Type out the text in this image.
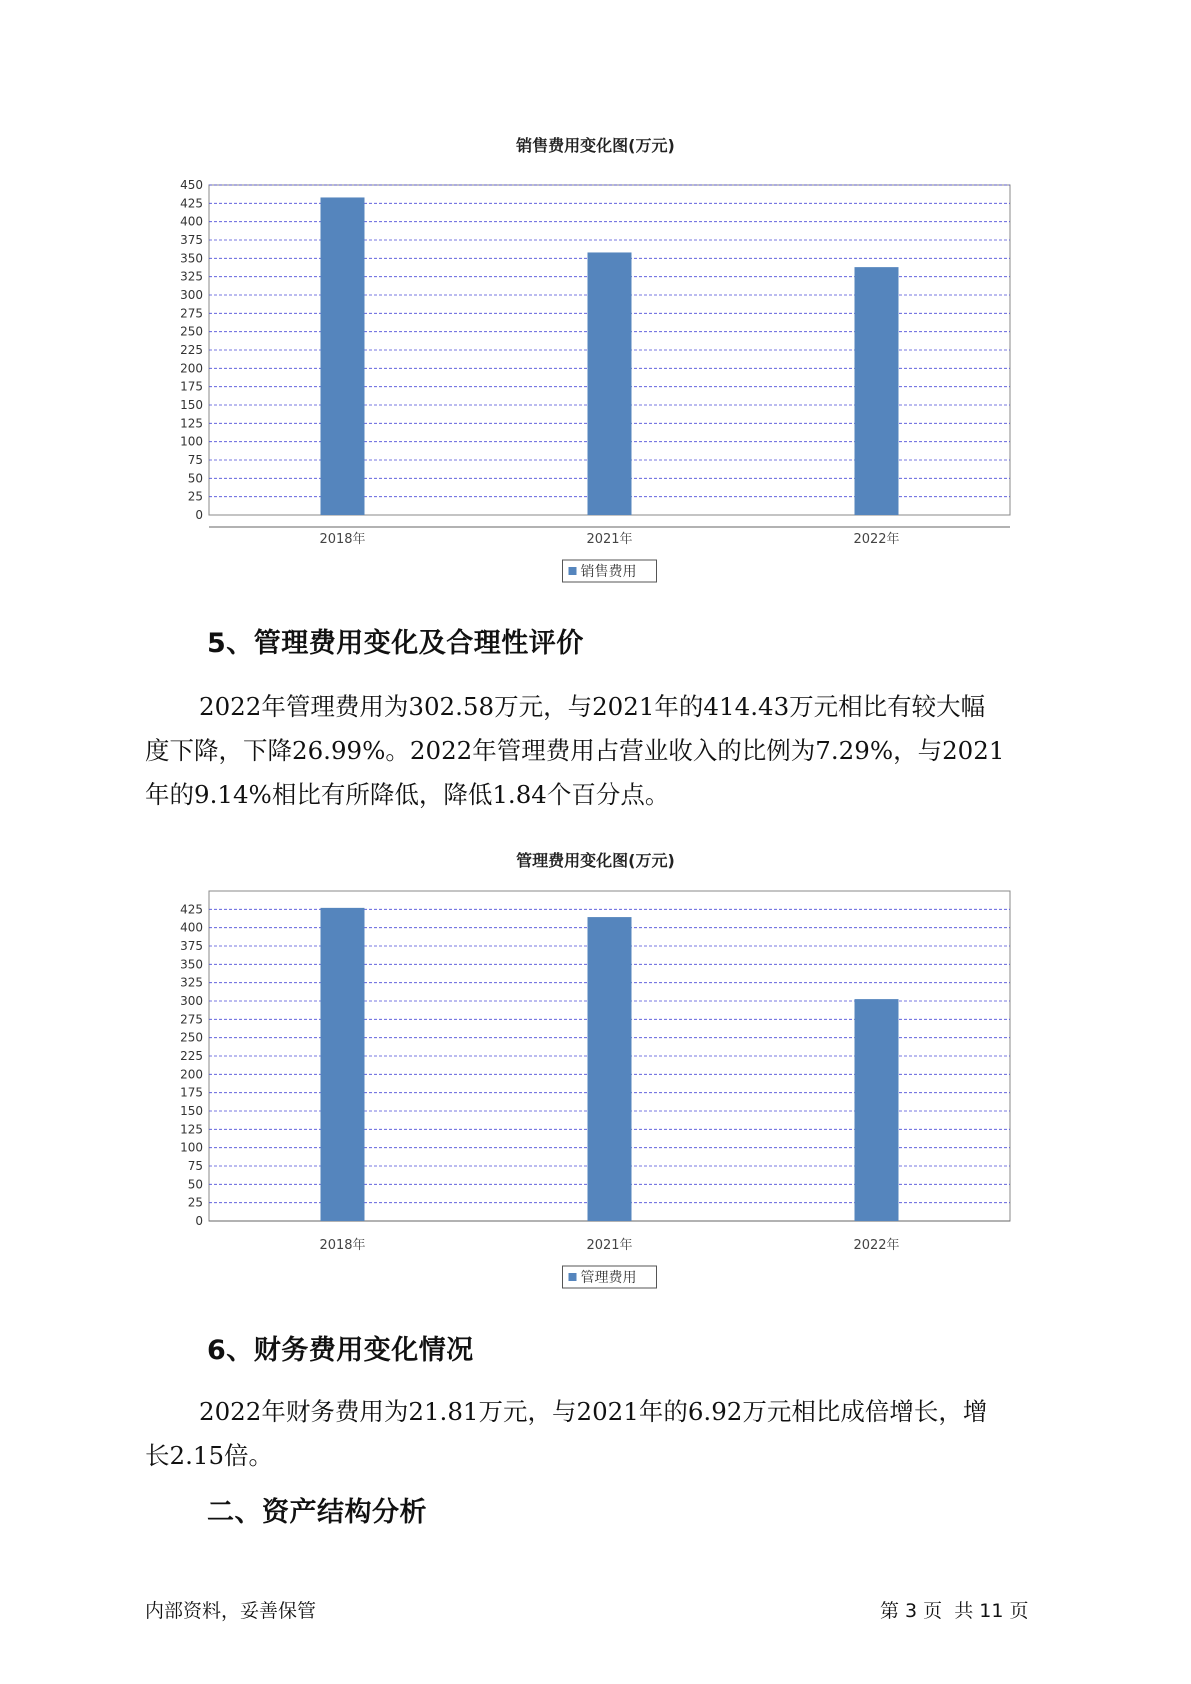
销售费用变化图(万元)
0
25
50
75
100
125
150
175
200
225
250
275
300
325
350
375
400
425
450
2018年	2021年	2022年
销售费用
5、管理费用变化及合理性评价
2022年管理费用为302.58万元，与2021年的414.43万元相比有较大幅
度下降，下降26.99%。2022年管理费用占营业收入的比例为7.29%，与2021
年的9.14%相比有所降低，降低1.84个百分点。
管理费用变化图(万元)
0
25
50
75
100
125
150
175
200
225
250
275
300
325
350
375
400
425
2018年	2021年	2022年
管理费用
6、财务费用变化情况
2022年财务费用为21.81万元，与2021年的6.92万元相比成倍增长，增
长2.15倍。
二、资产结构分析
内部资料，妥善保管	第 3 页  共 11 页
